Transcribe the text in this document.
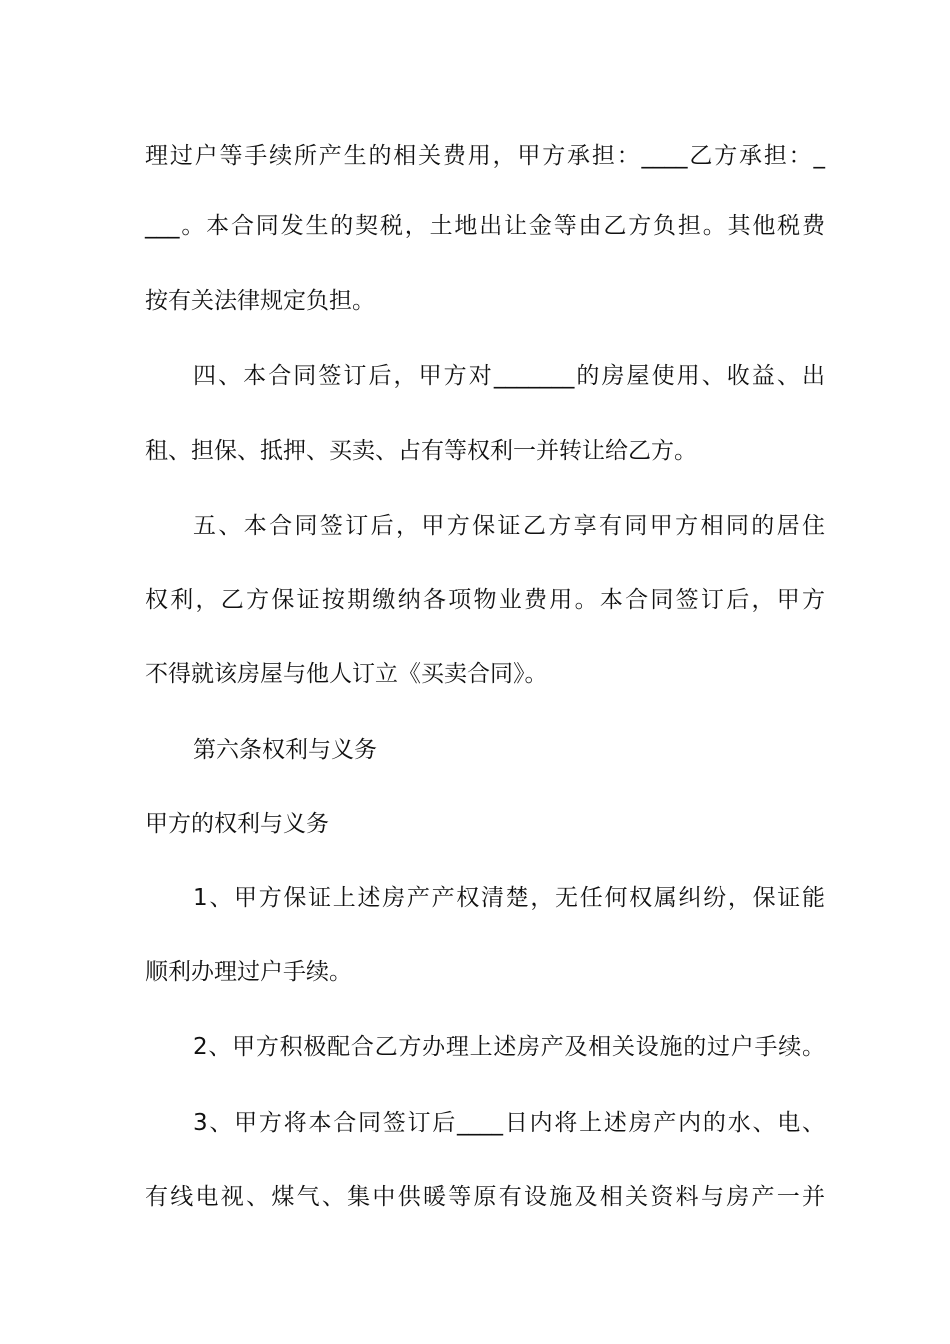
理过户等手续所产生的相关费用，甲方承担：____乙方承担：_
___。本合同发生的契税，土地出让金等由乙方负担。其他税费
按有关法律规定负担。
四、本合同签订后，甲方对_______的房屋使用、收益、出
租、担保、抵押、买卖、占有等权利一并转让给乙方。
五、本合同签订后，甲方保证乙方享有同甲方相同的居住
权利，乙方保证按期缴纳各项物业费用。本合同签订后，甲方
不得就该房屋与他人订立《买卖合同》。
第六条权利与义务
甲方的权利与义务
1、甲方保证上述房产产权清楚，无任何权属纠纷，保证能
顺利办理过户手续。
2、甲方积极配合乙方办理上述房产及相关设施的过户手续。
3、甲方将本合同签订后____日内将上述房产内的水、电、
有线电视、煤气、集中供暖等原有设施及相关资料与房产一并
